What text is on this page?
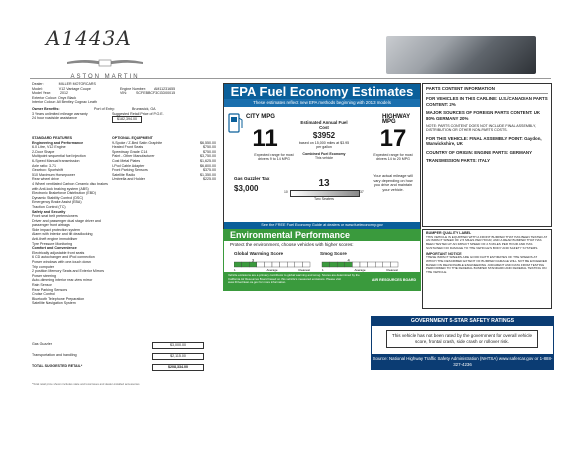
A1443A
ASTON MARTIN
Dealer:	MILLER MOTORCARS
Model:	V12 Vantage Coupe	Engine Number: AM11231655
Model Year:	2012	VIN:	SCFEBBCF3CGD00015
Exterior Colour: Onyx Black
Interior Colour: All Bentley Cognac Leath
Owner Benefits:	Port of Entry:	Brunswick, GA
3 Years unlimited mileage warranty	Suggested Retail Price of P.O.E.
24 hour roadside assistance	$182,394.00
STANDARD FEATURES
Engineering and Performance
6.0 Litre, V12 Engine
2-Door Shape
Multipoint sequential fuel injection
6-Speed Manual transmission
Axle ratio: 3.71
Gearbox: Sportshift
510 Maximum Horsepower
Rear wheel drive
4 Wheel ventilated Carbon Ceramic disc brakes with Anti-lock braking system (ABS)
Electronic Brakeforce Distribution (EBD)
Dynamic Stability Control (DSC)
Emergency Brake Assist (EBA)
Traction Control (TC)
Safety and Security
Front seat belt pretensioners
Driver and passenger dual stage driver and passenger front airbags
Side impact protection system
Alarm with interior and tilt deadlocking
Anti-theft engine immobiliser
Tyre Pressure Monitoring
Comfort and Convenience
Electrically adjustable front seats
6 CD autochanger and iPod connection
Power windows with one-touch down
Trip computer
2 position Memory Seats and Exterior Mirrors
Power steering
Auto-dimming interior rear-view mirror
Rain Sensor
Rear Parking Sensors
Cruise Control
Bluetooth Telephone Preparation
Satellite Navigation System
OPTIONAL EQUIPMENT
9-Spoke / Z-Bed Satin Graphite	$6,550.00
Heated Front Seats	$750.00
Speedway Grade C14	$750.00
Paint - Other Manufacturer	$3,750.00
Cost Metal Plates	$1,625.00
I-Pod Cable Adapter	$6,800.00
Front Parking Sensors	$375.00
Satellite Radio	$1,350.00
Umbrella and Holder	$225.00
Gas Guzzler	$3,000.00
Transportation and handling	$2,115.00
TOTAL SUGGESTED RETAIL*	$208,334.00
*Total retail price shown includes state and local taxes and dealer-installed accessories
EPA Fuel Economy Estimates
These estimates reflect new EPA methods beginning with 2013 models
CITY MPG
11
Expected range for most drivers 9 to 14 MPG
Estimated Annual Fuel Cost
$3952
based on 15,000 miles at $3.95 per gallon
Combined Fuel Economy
This vehicle
HIGHWAY MPG
17
Expected range for most drivers 14 to 20 MPG
Gas Guzzler Tax
$3,000	13
10	37
Two Seaters
Your actual mileage will vary depending on how you drive and maintain your vehicle.
See the FREE Fuel Economy Guide at dealers or www.fueleconomy.gov
Environmental Performance
Protect the environment, choose vehicles with higher scores:
Global Warming Score	Smog Score
3
1	Average	Cleanest
4
1	Average	Cleanest
Vehicle emissions are a primary contributor to global warming and smog. Scores are determined by the California Air Resources Board based on this vehicle's measured emissions. Please visit www.DriveClean.ca.gov for more information.
AIR RESOURCES BOARD
PARTS CONTENT INFORMATION
FOR VEHICLES IN THIS CARLINE: U.S./CANADIAN PARTS CONTENT: 2%
MAJOR SOURCES OF FOREIGN PARTS CONTENT: UK 80% GERMANY 20%
NOTE: PARTS CONTENT DOES NOT INCLUDE FINAL ASSEMBLY, DISTRIBUTION OR OTHER NON-PARTS COSTS.
FOR THIS VEHICLE: FINAL ASSEMBLY POINT: Gaydon, Warwickshire, UK
COUNTRY OF ORIGIN: ENGINE PARTS: GERMANY
TRANSMISSION PARTS: ITALY
BUMPER QUALITY LABEL
THIS VEHICLE IS EQUIPPED WITH A FRONT BUMPER THAT HAS BEEN TESTED AT AN IMPACT SPEED OF 2.5 MILES PER HOUR, AND A REAR BUMPER THAT HAS BEEN TESTED AT AN IMPACT SPEED OF 2.5 MILES PER HOUR AND HAS SUSTAINED NO DAMAGE TO THE VEHICLE'S BODY AND SAFETY SYSTEMS.
IMPORTANT NOTICE
THESE IMPACT SPEEDS ARE GOOD FAITH ESTIMATES OF THE SPEEDS AT WHICH THE DESCRIBED EXTENT OF BUMPER DAMAGE WILL NOT BE EXCEEDED BASED ON REASONABLE ENGINEERING JUDGMENT AND DATA FROM TESTING PERFORMED TO THE FEDERAL BUMPER STANDARD AND FEDERAL TESTING ON THE VEHICLE.
GOVERNMENT 5-STAR SAFETY RATINGS
This vehicle has not been rated by the government for overall vehicle score, frontal crash, side crash or rollover risk.
Source: National Highway Traffic Safety Administration (NHTSA) www.safercar.gov or 1-888-327-4236
